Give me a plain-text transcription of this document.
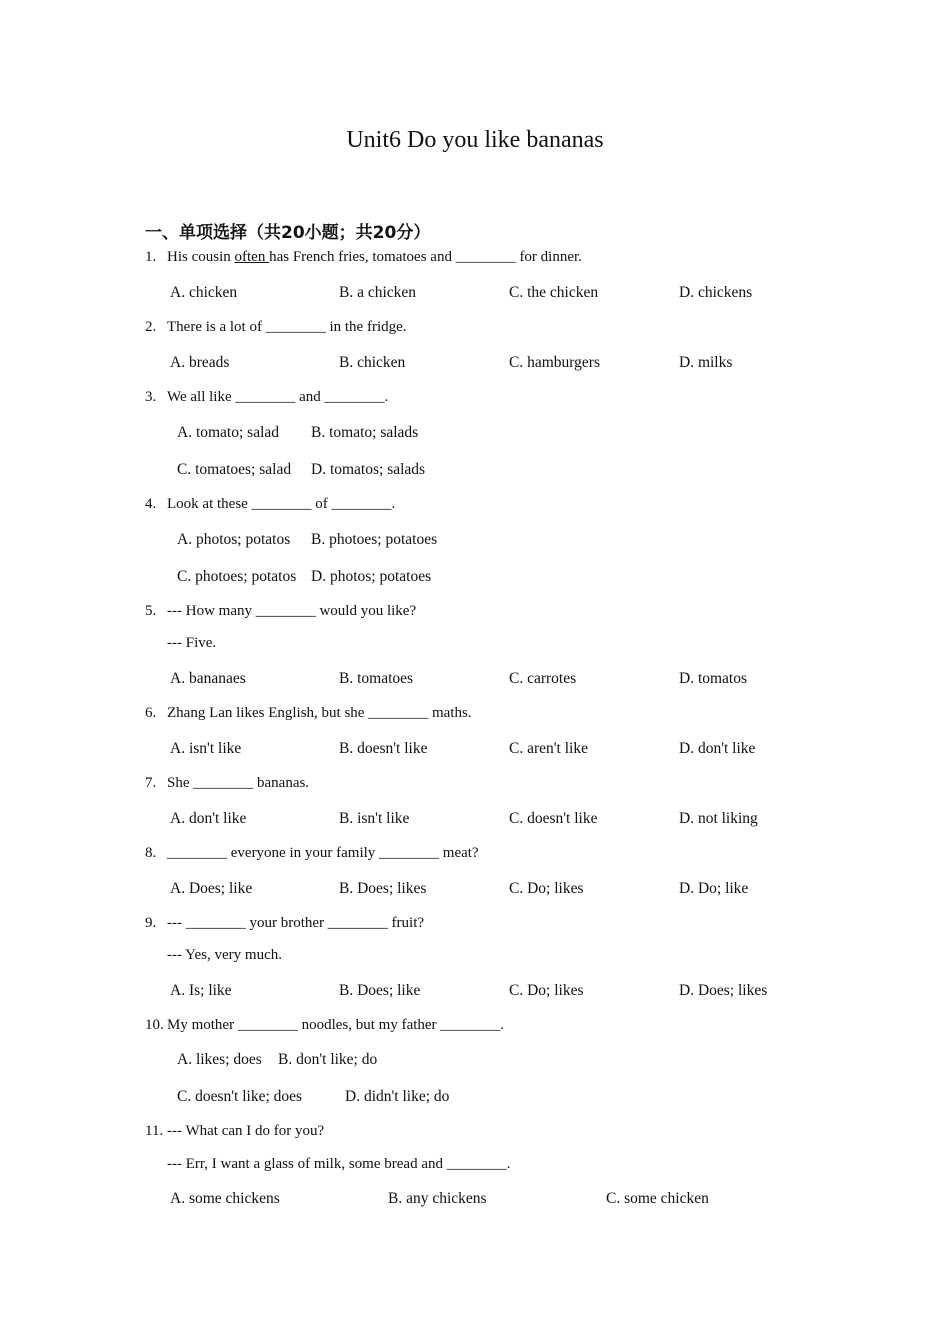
Unit6 Do you like bananas
一、单项选择（共20小题；共20分）
1. His cousin often has French fries, tomatoes and ________ for dinner.
A. chicken	B. a chicken	C. the chicken	D. chickens
2. There is a lot of ________ in the fridge.
A. breads	B. chicken	C. hamburgers	D. milks
3. We all like ________ and ________.
A. tomato; salad B. tomato; salads
C. tomatoes; salad D. tomatos; salads
4. Look at these ________ of ________.
A. photos; potatos B. photoes; potatoes
C. photoes; potatos D. photos; potatoes
5. --- How many ________ would you like?
--- Five.
A. bananaes	B. tomatoes	C. carrotes	D. tomatos
6. Zhang Lan likes English, but she ________ maths.
A. isn't like	B. doesn't like	C. aren't like	D. don't like
7. She ________ bananas.
A. don't like	B. isn't like	C. doesn't like	D. not liking
8. ________ everyone in your family ________ meat?
A. Does; like	B. Does; likes	C. Do; likes	D. Do; like
9. --- ________ your brother ________ fruit?
--- Yes, very much.
A. Is; like	B. Does; like	C. Do; likes	D. Does; likes
10. My mother ________ noodles, but my father ________.
A. likes; does B. don't like; do
C. doesn't like; does	D. didn't like; do
11. --- What can I do for you?
--- Err, I want a glass of milk, some bread and ________.
A. some chickens	B. any chickens	C. some chicken
